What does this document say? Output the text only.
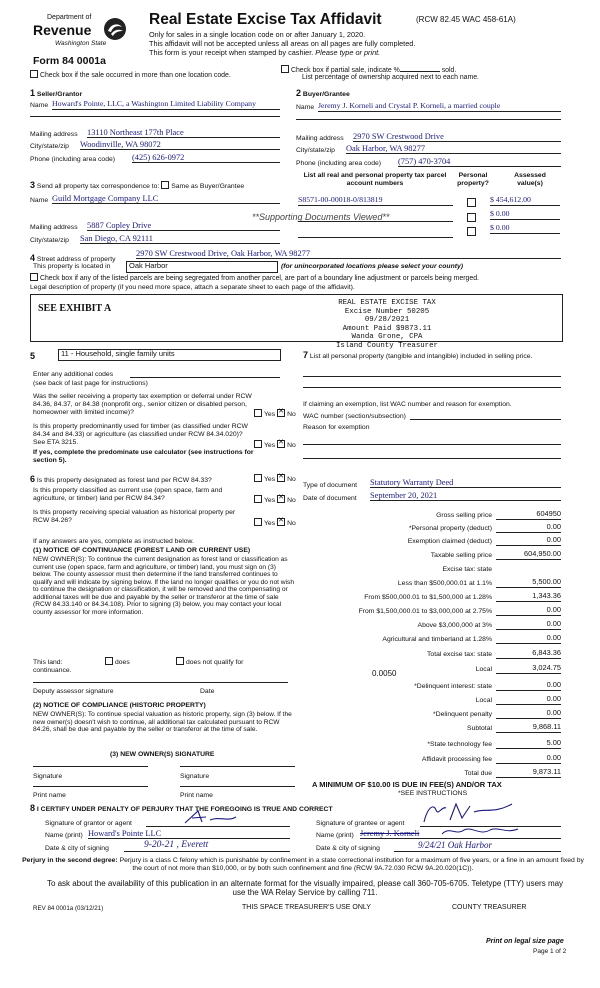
Department of
Revenue
Washington State
Form 84 0001a
Real Estate Excise Tax Affidavit	(RCW 82.45 WAC 458-61A)
Only for sales in a single location code on or after January 1, 2020.
This affidavit will not be accepted unless all areas on all pages are fully completed.
This form is your receipt when stamped by cashier. Please type or print.
Check box if the sale occurred in more than one location code.
Check box if partial sale, indicate %	sold.
List percentage of ownership acquired next to each name.
1 Seller/Grantor
Name Howard's Pointe, LLC, a Washington Limited Liability Company
Mailing address 13110 Northeast 177th Place
City/state/zip Woodinville, WA 98072
Phone (including area code) (425) 626-0972
2 Buyer/Grantee
Name Jeremy J. Korneli and Crystal P. Korneli, a married couple
Mailing address 2970 SW Crestwood Drive
City/state/zip Oak Harbor, WA 98277
Phone (including area code) (757) 470-3704
3 Send all property tax correspondence to: Same as Buyer/Grantee
Name Guild Mortgage Company LLC
**Supporting Documents Viewed**
Mailing address 5887 Copley Drive
City/state/zip San Diego, CA 92111
List all real and personal property tax parcel account numbers
Personal property?
Assessed value(s)
S8571-00-00018-0/813819	$ 454,612.00
$ 0.00
$ 0.00
4 Street address of property
2970 SW Crestwood Drive, Oak Harbor, WA 98277
This property is located in	Oak Harbor	(for unincorporated locations please select your county)
Check box if any of the listed parcels are being segregated from another parcel, are part of a boundary line adjustment or parcels being merged.
Legal description of property (if you need more space, attach a separate sheet to each page of the affidavit).
SEE EXHIBIT A	REAL ESTATE EXCISE TAX
Excise Number 50205
09/28/2021
Amount Paid $9873.11
Wanda Grone, CPA
Island County Treasurer
5	11 - Household, single family units
Enter any additional codes
(see back of last page for instructions)
Was the seller receiving a property tax exemption or deferral under RCW 84.36, 84.37, or 84.38 (nonprofit org., senior citizen or disabled person, homeowner with limited income)?	Yes ✕ No
Is this property predominantly used for timber (as classified under RCW 84.34 and 84.33) or agriculture (as classified under RCW 84.34.020)? See ETA 3215.	Yes ✕ No
If yes, complete the predominate use calculator (see instructions for section 5).
6 Is this property designated as forest land per RCW 84.33?	Yes ✕ No
Is this property classified as current use (open space, farm and agriculture, or timber) land per RCW 84.34?	Yes ✕ No
Is this property receiving special valuation as historical property per RCW 84.26?	Yes ✕ No
If any answers are yes, complete as instructed below.
(1) NOTICE OF CONTINUANCE (FOREST LAND OR CURRENT USE)
NEW OWNER(S): To continue the current designation as forest land or classification as current use (open space, farm and agriculture, or timber) land, you must sign on (3) below. The county assessor must then determine if the land transferred continues to qualify and will indicate by signing below. If the land no longer qualifies or you do not wish to continue the designation or classification, it will be removed and the compensating or additional taxes will be due and payable by the seller or transferor at the time of sale (RCW 84.33.140 or 84.34.108). Prior to signing (3) below, you may contact your local county assessor for more information.
This land:	does	does not qualify for
continuance.
Deputy assessor signature	Date
(2) NOTICE OF COMPLIANCE (HISTORIC PROPERTY)
NEW OWNER(S): To continue special valuation as historic property, sign (3) below. If the new owner(s) doesn't wish to continue, all additional tax calculated pursuant to RCW 84.26, shall be due and payable by the seller or transferor at the time of sale.
(3) NEW OWNER(S) SIGNATURE
Signature	Signature
Print name	Print name
7 List all personal property (tangible and intangible) included in selling price.
If claiming an exemption, list WAC number and reason for exemption.
WAC number (section/subsection)
Reason for exemption
Type of document Statutory Warranty Deed
Date of document September 20, 2021
Gross selling price	604950
*Personal property (deduct)	0.00
Exemption claimed (deduct)	0.00
Taxable selling price	604,950.00
Excise tax: state
Less than $500,000.01 at 1.1%	5,500.00
From $500,000.01 to $1,500,000 at 1.28%	1,343.36
From $1,500,000.01 to $3,000,000 at 2.75%	0.00
Above $3,000,000 at 3%	0.00
Agricultural and timberland at 1.28%	0.00
Total excise tax: state	6,843.36
Local	3,024.75
*Delinquent interest: state	0.00
Local	0.00
*Delinquent penalty	0.00
Subtotal	9,868.11
*State technology fee	5.00
Affidavit processing fee	0.00
Total due	9,873.11
0.0050
A MINIMUM OF $10.00 IS DUE IN FEE(S) AND/OR TAX
*SEE INSTRUCTIONS
8 I CERTIFY UNDER PENALTY OF PERJURY THAT THE FOREGOING IS TRUE AND CORRECT
Signature of grantor or agent
Name (print) Howard's Pointe LLC
Date & city of signing	9-20-21 , Everett
Signature of grantee or agent
Name (print) Jeremy J. Korneli
Date & city of signing	9/24/21 Oak Harbor
Perjury in the second degree: Perjury is a class C felony which is punishable by confinement in a state correctional institution for a maximum of five years, or a fine in an amount fixed by the court of not more than $10,000, or by both such confinement and fine (RCW 9A.72.030 RCW 9A.20.020(1C)).
To ask about the availability of this publication in an alternate format for the visually impaired, please call 360-705-6705. Teletype (TTY) users may use the WA Relay Service by calling 711.
REV 84 0001a (03/12/21)	THIS SPACE TREASURER'S USE ONLY	COUNTY TREASURER
Print on legal size page
Page 1 of 2
